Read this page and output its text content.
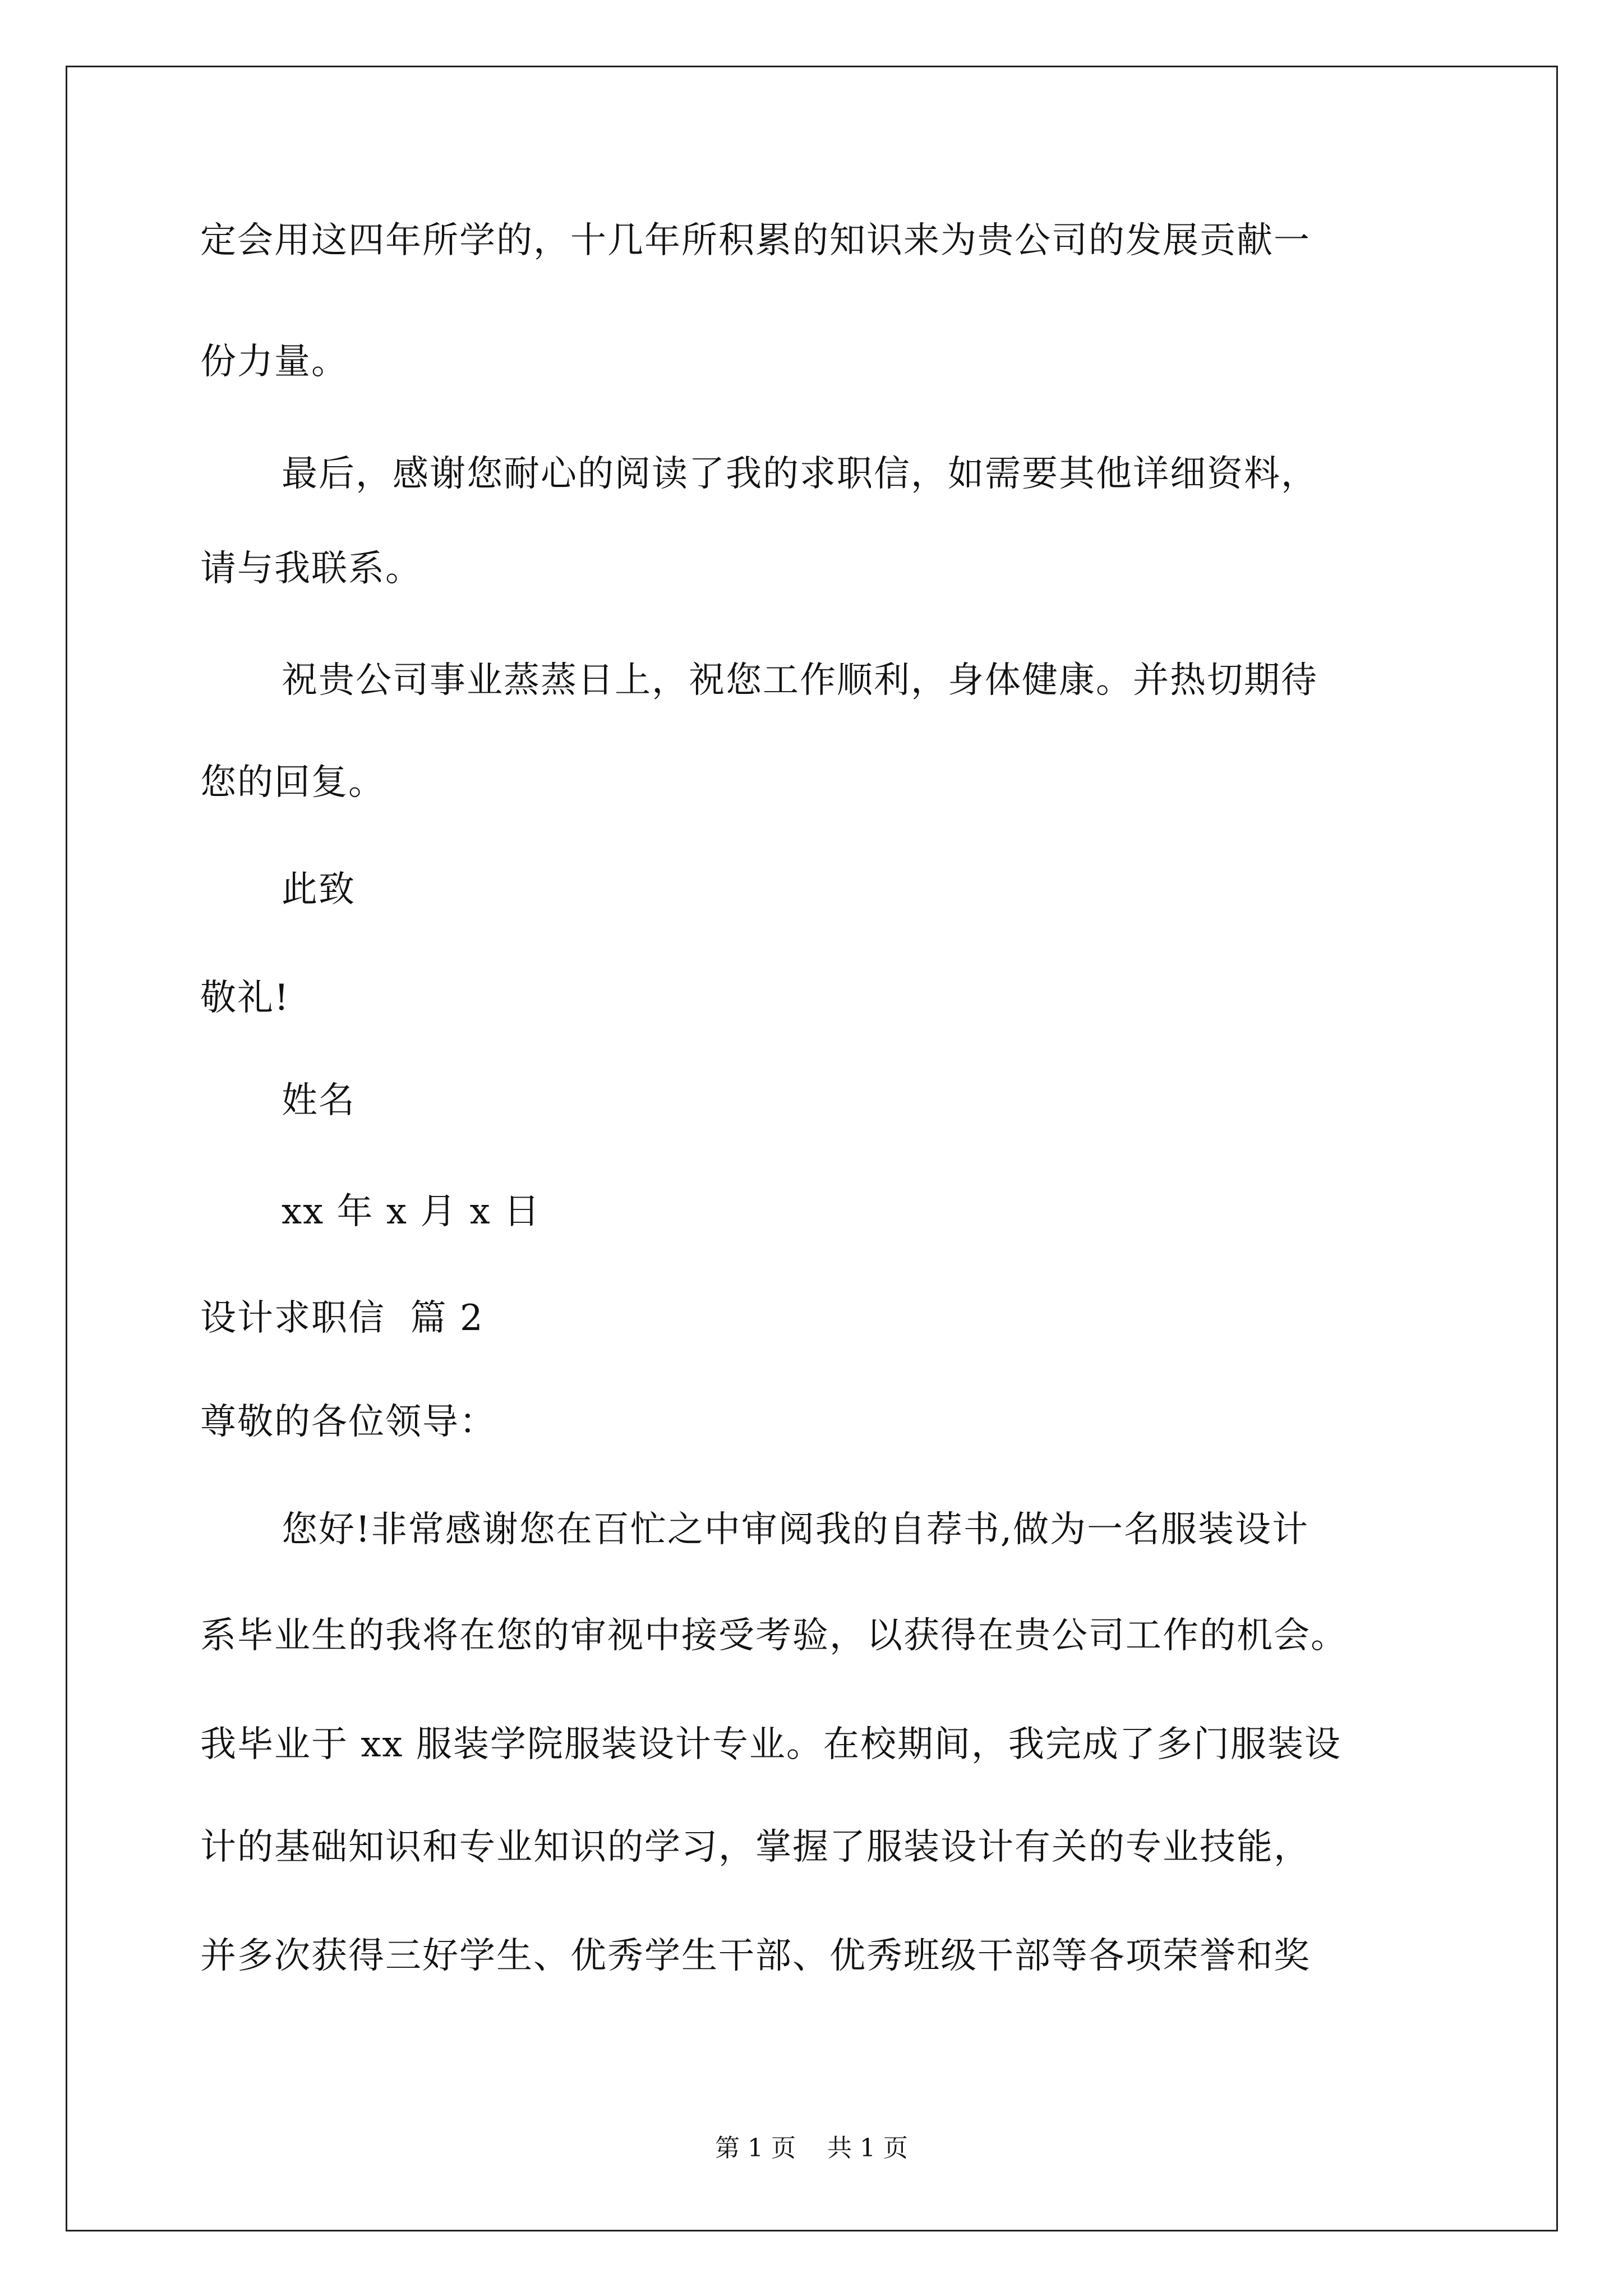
定会用这四年所学的，十几年所积累的知识来为贵公司的发展贡献一
份力量。
最后，感谢您耐心的阅读了我的求职信，如需要其他详细资料，
请与我联系。
祝贵公司事业蒸蒸日上，祝您工作顺利，身体健康。并热切期待
您的回复。
此致
敬礼!
姓名
xx 年 x 月 x 日
设计求职信  篇 2
尊敬的各位领导：
您好!非常感谢您在百忙之中审阅我的自荐书,做为一名服装设计
系毕业生的我将在您的审视中接受考验，以获得在贵公司工作的机会。
我毕业于 xx 服装学院服装设计专业。在校期间，我完成了多门服装设
计的基础知识和专业知识的学习，掌握了服装设计有关的专业技能，
并多次获得三好学生、优秀学生干部、优秀班级干部等各项荣誉和奖
第 1 页    共 1 页
